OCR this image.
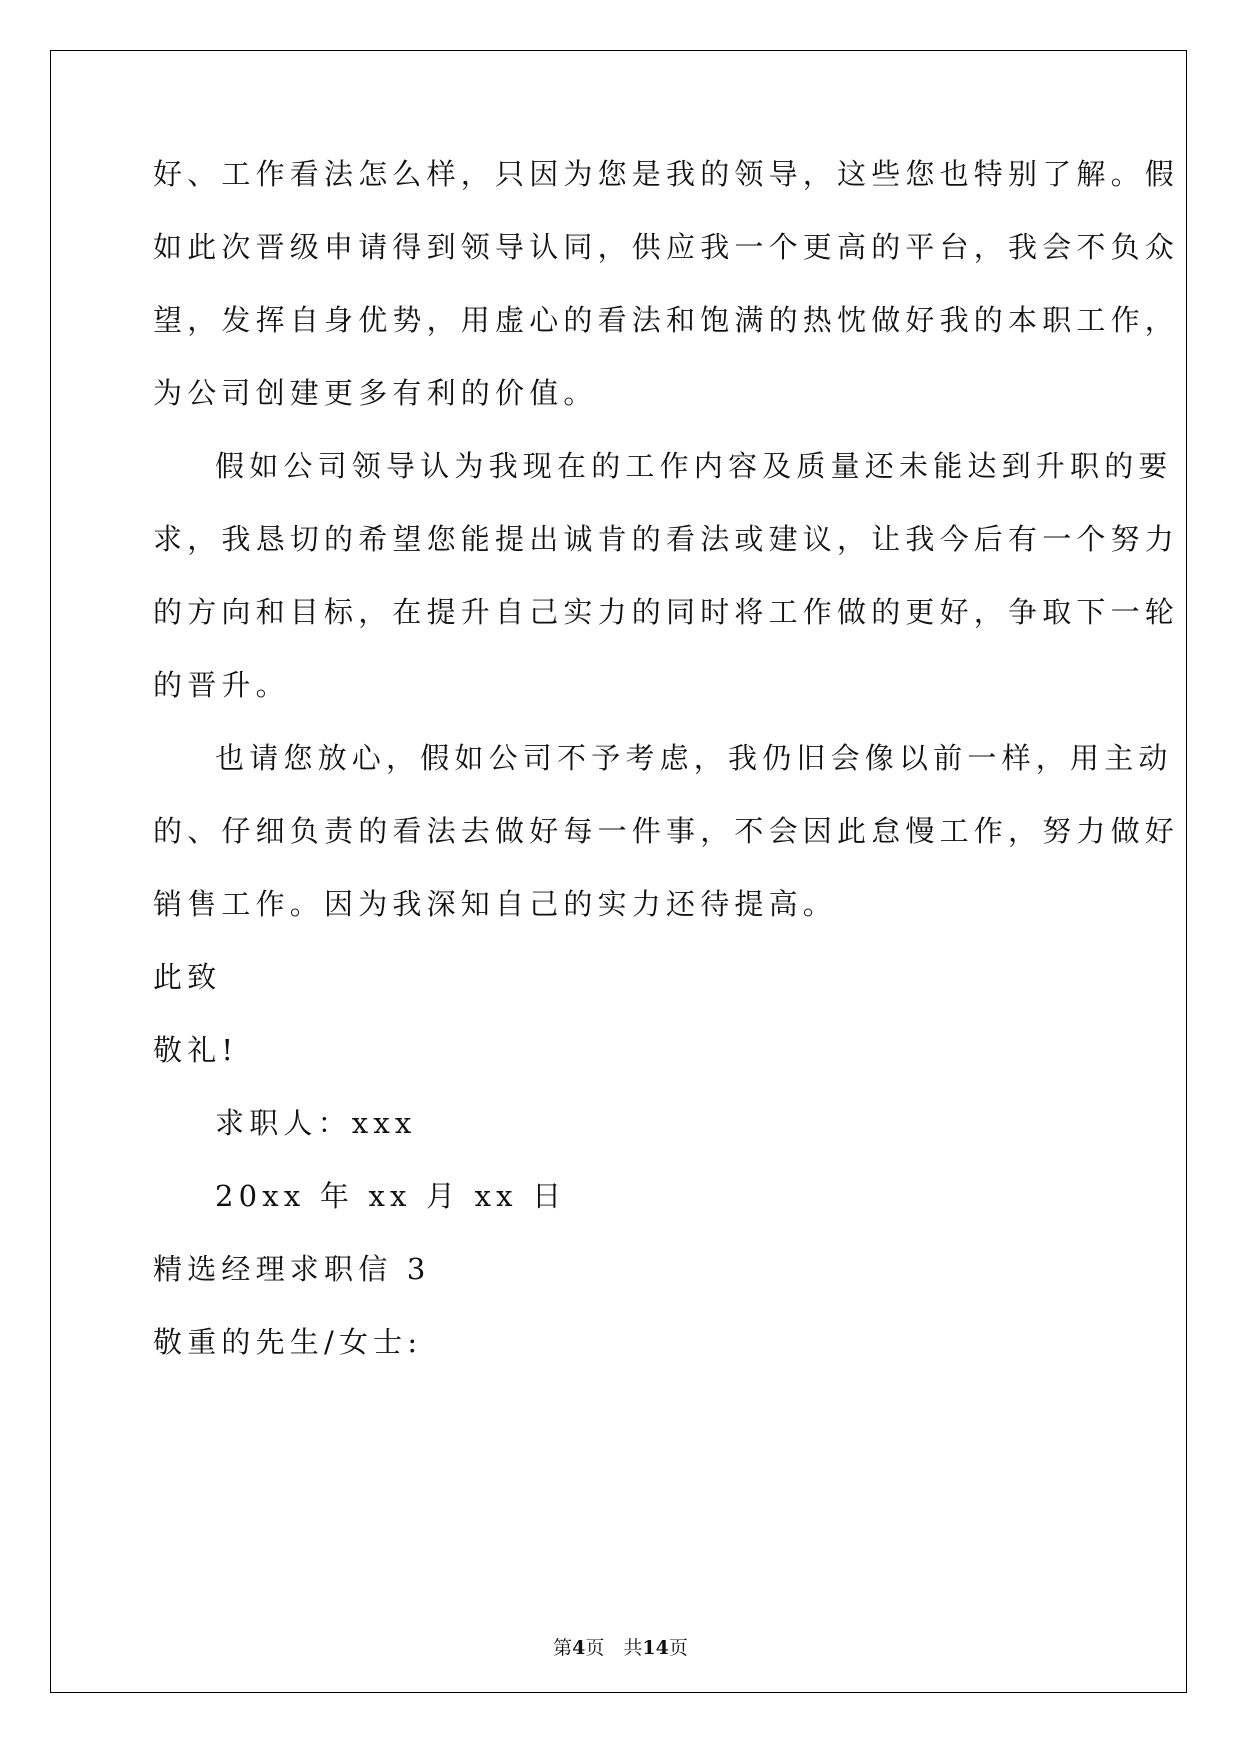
好、工作看法怎么样，只因为您是我的领导，这些您也特别了解。假
如此次晋级申请得到领导认同，供应我一个更高的平台，我会不负众
望，发挥自身优势，用虚心的看法和饱满的热忱做好我的本职工作，
为公司创建更多有利的价值。
假如公司领导认为我现在的工作内容及质量还未能达到升职的要
求，我恳切的希望您能提出诚肯的看法或建议，让我今后有一个努力
的方向和目标，在提升自己实力的同时将工作做的更好，争取下一轮
的晋升。
也请您放心，假如公司不予考虑，我仍旧会像以前一样，用主动
的、仔细负责的看法去做好每一件事，不会因此怠慢工作，努力做好
销售工作。因为我深知自己的实力还待提高。
此致
敬礼!
求职人：xxx
20xx 年 xx 月 xx 日
精选经理求职信 3
敬重的先生/女士:
第4页　共14页
